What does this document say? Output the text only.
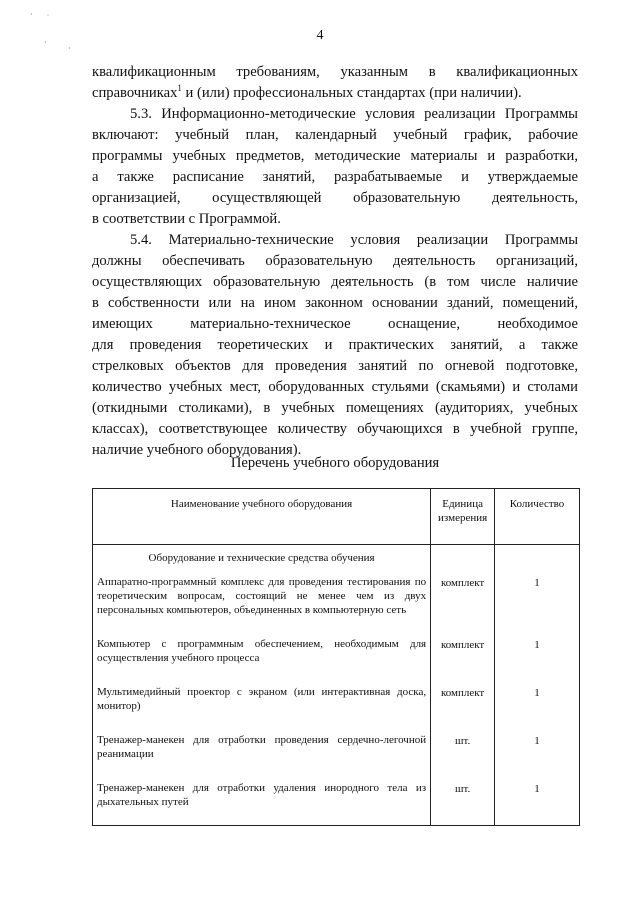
· ˙
·
·
4
квалификационным требованиям, указанным в квалификационных
справочниках$^1$ и (или) профессиональных стандартах (при наличии).
5.3. Информационно-методические условия реализации Программы
включают: учебный план, календарный учебный график, рабочие
программы учебных предметов, методические материалы и разработки,
а также расписание занятий, разрабатываемые и утверждаемые
организацией, осуществляющей образовательную деятельность,
в соответствии с Программой.
5.4. Материально-технические условия реализации Программы
должны обеспечивать образовательную деятельность организаций,
осуществляющих образовательную деятельность (в том числе наличие
в собственности или на ином законном основании зданий, помещений,
имеющих материально-техническое оснащение, необходимое
для проведения теоретических и практических занятий, а также
стрелковых объектов для проведения занятий по огневой подготовке,
количество учебных мест, оборудованных стульями (скамьями) и столами
(откидными столиками), в учебных помещениях (аудиториях, учебных
классах), соответствующее количеству обучающихся в учебной группе,
наличие учебного оборудования).
Перечень учебного оборудования
Наименование учебного оборудования	Единица
измерения	Количество
Оборудование и технические средства обучения		
Аппаратно-программный комплекс для проведения тестирования по теоретическим вопросам, состоящий не менее чем из двух персональных компьютеров, объединенных в компьютерную сеть	комплект	1
Компьютер с программным обеспечением, необходимым для осуществления учебного процесса	комплект	1
Мультимедийный проектор с экраном (или интерактивная доска, монитор)	комплект	1
Тренажер-манекен для отработки проведения сердечно-легочной реанимации	шт.	1
Тренажер-манекен для отработки удаления инородного тела из дыхательных путей	шт.	1
